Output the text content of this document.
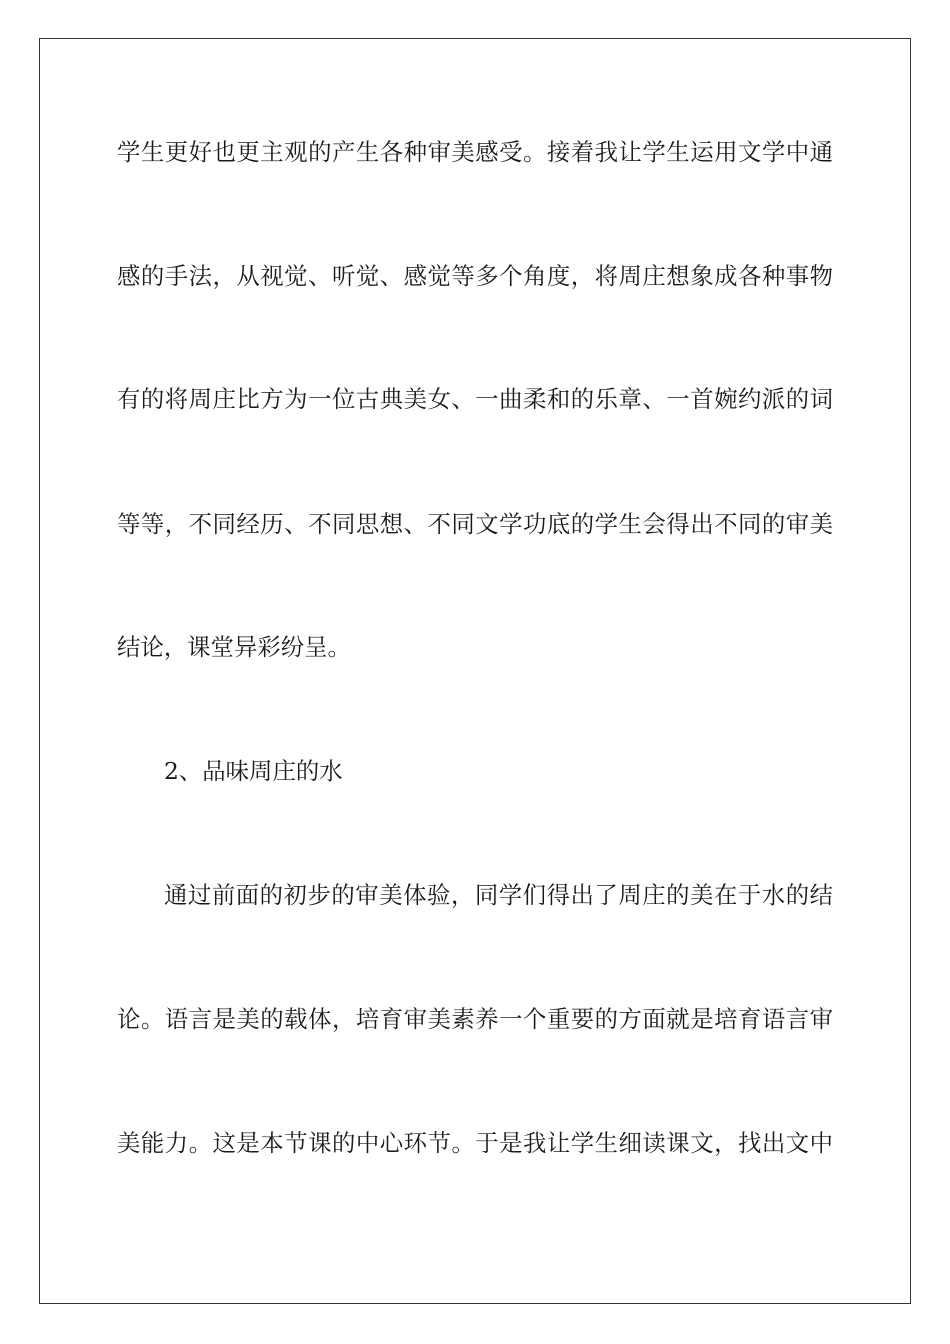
学生更好也更主观的产生各种审美感受。接着我让学生运用文学中通
感的手法，从视觉、听觉、感觉等多个角度，将周庄想象成各种事物
有的将周庄比方为一位古典美女、一曲柔和的乐章、一首婉约派的词
等等，不同经历、不同思想、不同文学功底的学生会得出不同的审美
结论，课堂异彩纷呈。
2、品味周庄的水
通过前面的初步的审美体验，同学们得出了周庄的美在于水的结
论。语言是美的载体，培育审美素养一个重要的方面就是培育语言审
美能力。这是本节课的中心环节。于是我让学生细读课文，找出文中
